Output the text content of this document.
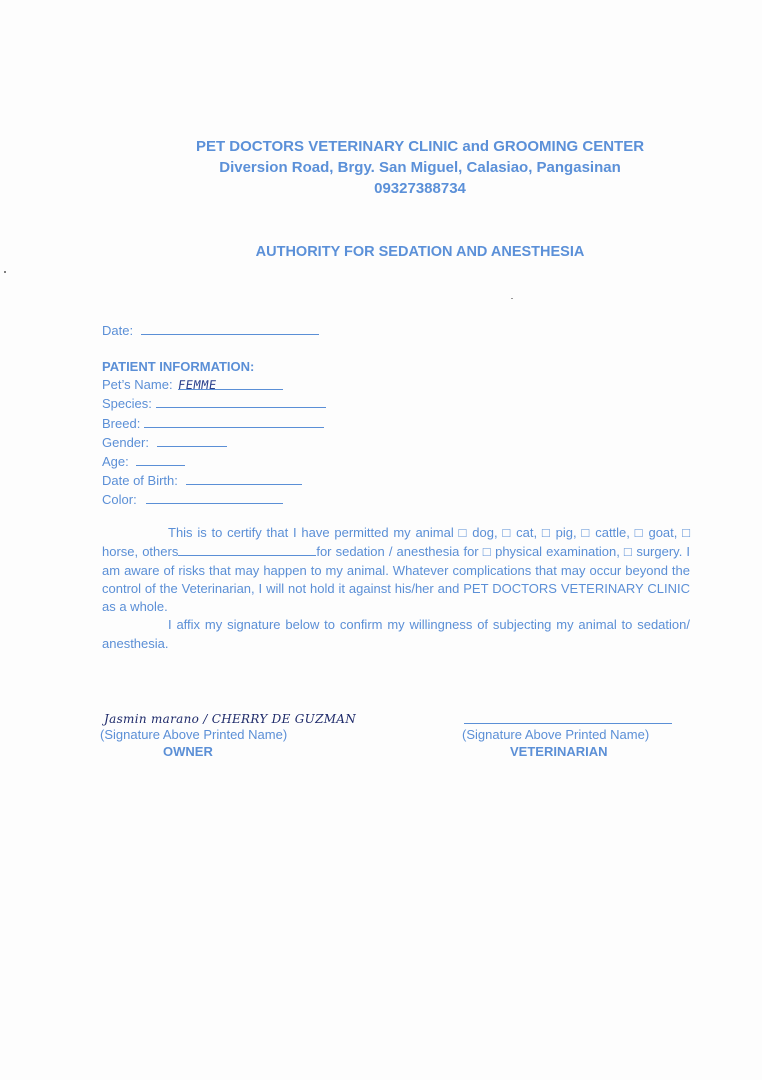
PET DOCTORS VETERINARY CLINIC and GROOMING CENTER
Diversion Road, Brgy. San Miguel, Calasiao, Pangasinan
09327388734
AUTHORITY FOR SEDATION AND ANESTHESIA
Date:
PATIENT INFORMATION:
Pet’s Name: FEMME
Species:
Breed:
Gender:
Age:
Date of Birth:
Color:

This is to certify that I have permitted my animal □ dog, □ cat, □ pig, □ cattle, □ goat, □ horse, others	for sedation / anesthesia for □ physical examination, □ surgery. I am aware of risks that may happen to my animal. Whatever complications that may occur beyond the control of the Veterinarian, I will not hold it against his/her and PET DOCTORS VETERINARY CLINIC as a whole.

I affix my signature below to confirm my willingness of subjecting my animal to sedation/ anesthesia.

Jasmin marano / CHERRY DE GUZMAN
(Signature Above Printed Name)
OWNER
(Signature Above Printed Name)
VETERINARIAN
